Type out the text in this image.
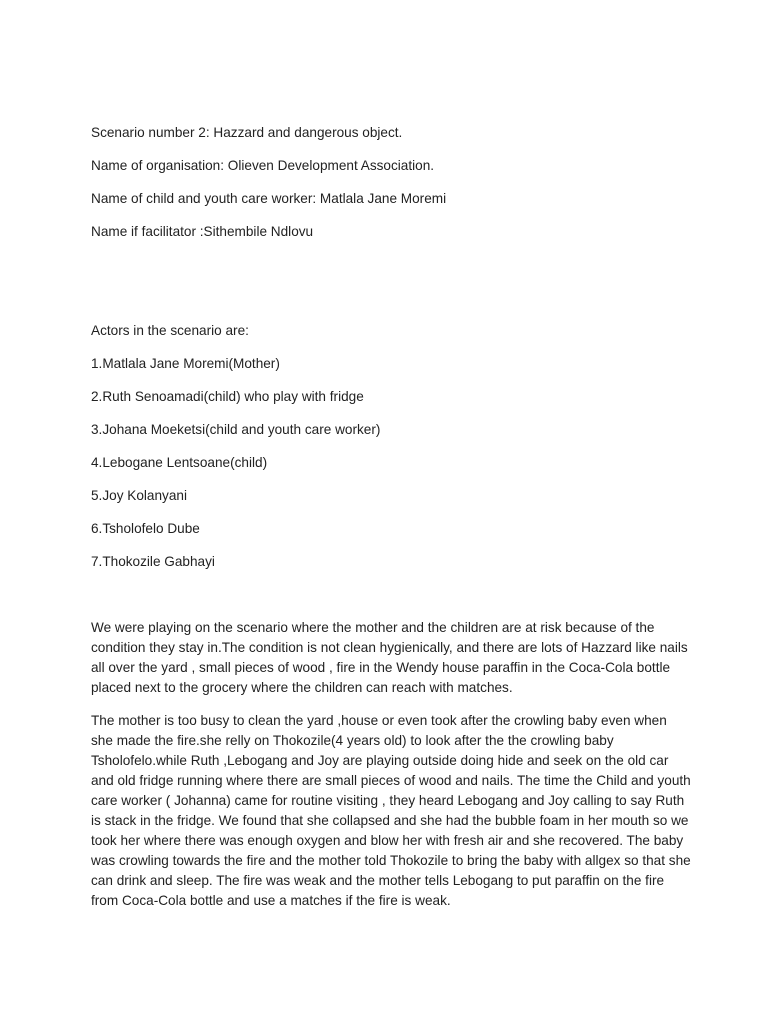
Scenario number 2: Hazzard and dangerous object.

Name of organisation: Olieven Development Association.

Name of child and youth care worker: Matlala Jane Moremi

Name if facilitator :Sithembile Ndlovu

Actors in the scenario are:

1.Matlala Jane Moremi(Mother)

2.Ruth Senoamadi(child) who play with fridge

3.Johana Moeketsi(child and youth care worker)

4.Lebogane Lentsoane(child)

5.Joy Kolanyani

6.Tsholofelo Dube

7.Thokozile Gabhayi

We were playing on the scenario where the mother and the children are at risk because of the condition they stay in.The condition is not clean hygienically, and there are lots of Hazzard like nails all over the yard , small pieces of wood , fire in the Wendy house paraffin in the Coca-Cola bottle placed next to the grocery where the children can reach with matches.

The mother is too busy to clean the yard ,house or even took after the crowling baby even when she made the fire.she relly on Thokozile(4 years old) to look after the the crowling baby Tsholofelo.while Ruth ,Lebogang and Joy are playing outside doing hide and seek on the old car and old fridge running where there are small pieces of wood and nails. The time the Child and youth care worker ( Johanna) came for routine visiting , they heard Lebogang and Joy calling to say Ruth is stack in the fridge. We found that she collapsed and she had the bubble foam in her mouth so we took her where there was enough oxygen and blow her with fresh air and she recovered. The baby was crowling towards the fire and the mother told Thokozile to bring the baby with allgex so that she can drink and sleep. The fire was weak and the mother tells Lebogang to put paraffin on the fire from Coca-Cola bottle and use a matches if the fire is weak.
